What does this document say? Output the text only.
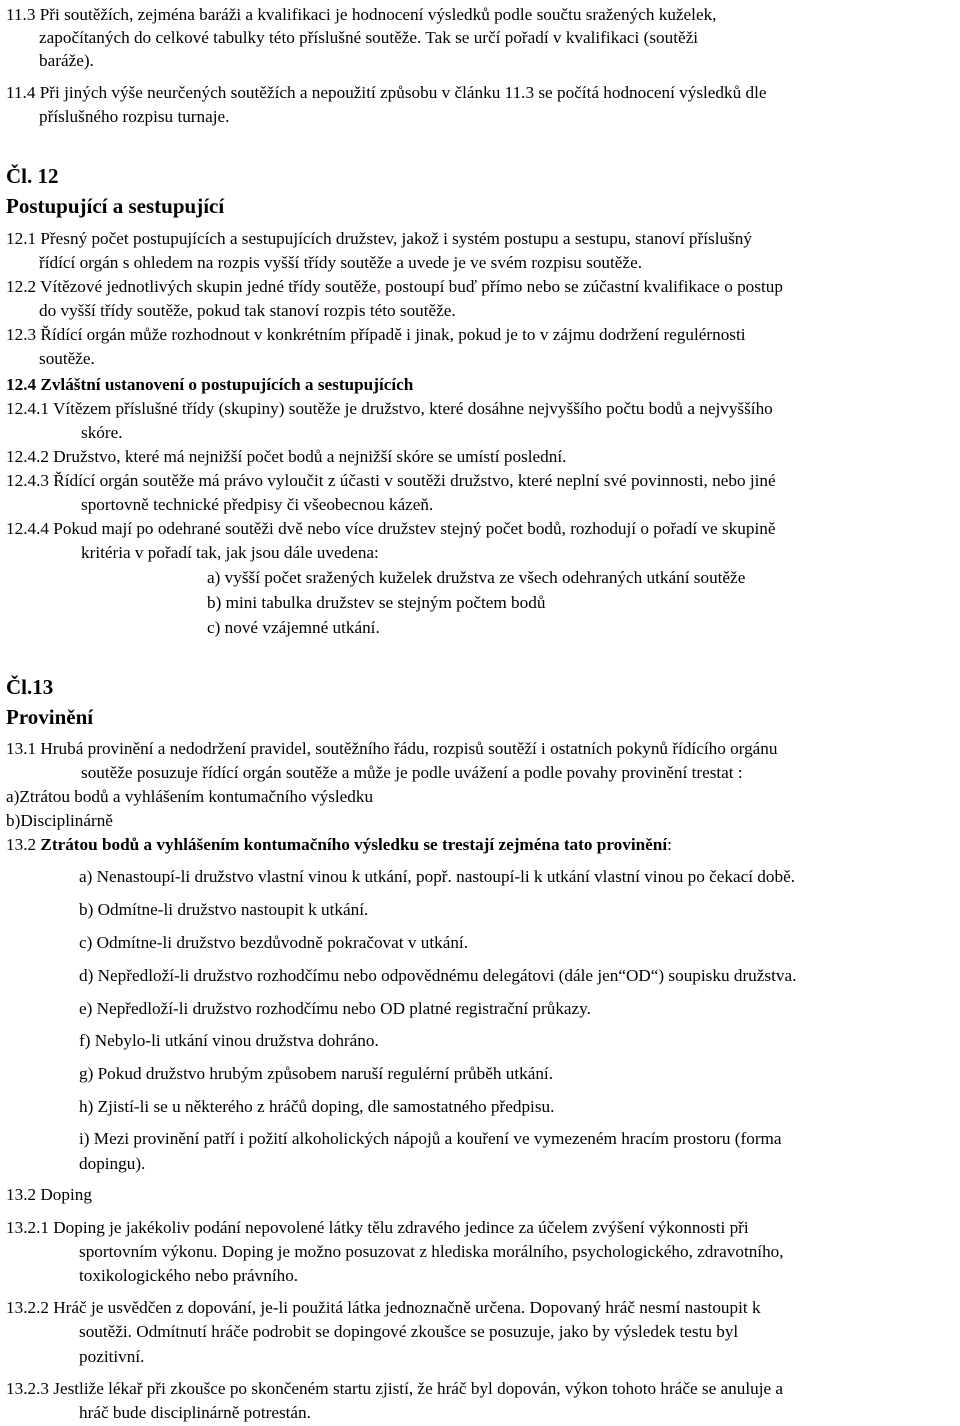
11.3 Při soutěžích, zejména baráži a kvalifikaci je hodnocení výsledků podle součtu sražených kuželek,
započítaných do celkové tabulky této příslušné soutěže. Tak se určí pořadí v kvalifikaci (soutěži
baráže).
11.4 Při jiných výše neurčených soutěžích a nepoužití způsobu v článku 11.3 se počítá hodnocení výsledků dle
příslušného rozpisu turnaje.
Čl. 12
Postupující a sestupující
12.1 Přesný počet postupujících a sestupujících družstev, jakož i systém postupu a sestupu, stanoví příslušný
řídící orgán s ohledem na rozpis vyšší třídy soutěže a uvede je ve svém rozpisu soutěže.
12.2 Vítězové jednotlivých skupin jedné třídy soutěže, postoupí buď přímo nebo se zúčastní kvalifikace o postup
do vyšší třídy soutěže, pokud tak stanoví rozpis této soutěže.
12.3 Řídící orgán může rozhodnout v konkrétním případě i jinak, pokud je to v zájmu dodržení regulérnosti
soutěže.
12.4 Zvláštní ustanovení o postupujících a sestupujících
12.4.1 Vítězem příslušné třídy (skupiny) soutěže je družstvo, které dosáhne nejvyššího počtu bodů a nejvyššího
skóre.
12.4.2 Družstvo, které má nejnižší počet bodů a nejnižší skóre se umístí poslední.
12.4.3 Řídící orgán soutěže má právo vyloučit z účasti v soutěži družstvo, které neplní své povinnosti, nebo jiné
sportovně technické předpisy či všeobecnou kázeň.
12.4.4 Pokud mají po odehrané soutěži dvě nebo více družstev stejný počet bodů, rozhodují o pořadí ve skupině
kritéria v pořadí tak, jak jsou dále uvedena:
a) vyšší počet sražených kuželek družstva ze všech odehraných utkání soutěže
b) mini tabulka družstev se stejným počtem bodů
c) nové vzájemné utkání.
Čl.13
Provinění
13.1 Hrubá provinění a nedodržení pravidel, soutěžního řádu, rozpisů soutěží i ostatních pokynů řídícího orgánu
soutěže posuzuje řídící orgán soutěže a může je podle uvážení a podle povahy provinění trestat :
a)Ztrátou bodů a vyhlášením kontumačního výsledku
b)Disciplinárně
13.2 Ztrátou bodů a vyhlášením kontumačního výsledku se trestají zejména tato provinění:
a) Nenastoupí-li družstvo vlastní vinou k utkání, popř. nastoupí-li k utkání vlastní vinou po čekací době.
b) Odmítne-li družstvo nastoupit k utkání.
c) Odmítne-li družstvo bezdůvodně pokračovat v utkání.
d) Nepředloží-li družstvo rozhodčímu nebo odpovědnému delegátovi (dále jen“OD“) soupisku družstva.
e) Nepředloží-li družstvo rozhodčímu nebo OD platné registrační průkazy.
f) Nebylo-li utkání vinou družstva dohráno.
g) Pokud družstvo hrubým způsobem naruší regulérní průběh utkání.
h) Zjistí-li se u některého z hráčů doping, dle samostatného předpisu.
i) Mezi provinění patří i požití alkoholických nápojů a kouření ve vymezeném hracím prostoru (forma
dopingu).
13.2 Doping
13.2.1 Doping je jakékoliv podání nepovolené látky tělu zdravého jedince za účelem zvýšení výkonnosti při
sportovním výkonu. Doping je možno posuzovat z hlediska morálního, psychologického, zdravotního,
toxikologického nebo právního.
13.2.2 Hráč je usvědčen z dopování, je-li použitá látka jednoznačně určena. Dopovaný hráč nesmí nastoupit k
soutěži. Odmítnutí hráče podrobit se dopingové zkoušce se posuzuje, jako by výsledek testu byl
pozitivní.
13.2.3 Jestliže lékař při zkoušce po skončeném startu zjistí, že hráč byl dopován, výkon tohoto hráče se anuluje a
hráč bude disciplinárně potrestán.
